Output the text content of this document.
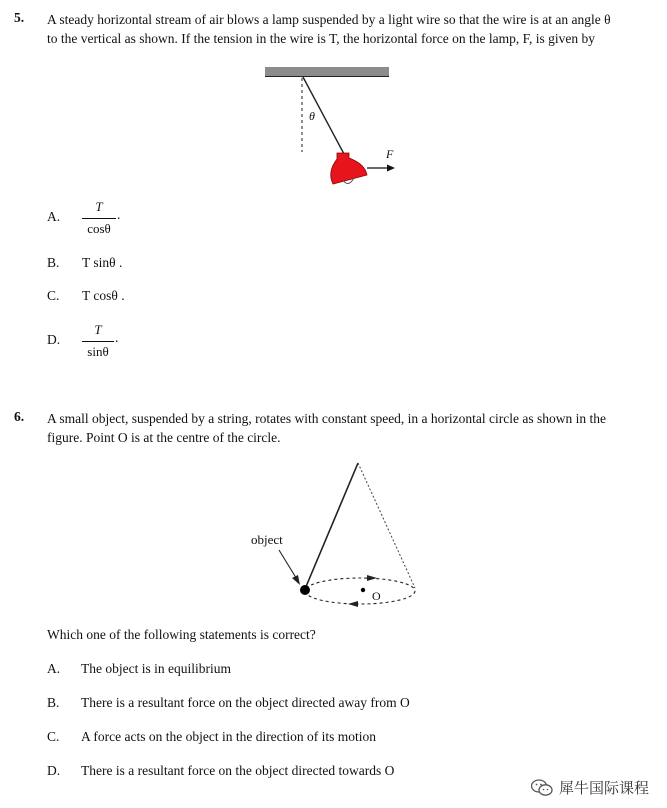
5. A steady horizontal stream of air blows a lamp suspended by a light wire so that the wire is at an angle θ
to the vertical as shown. If the tension in the wire is T, the horizontal force on the lamp, F, is given by
θ
F
A.
T
cosθ
.
B. T sinθ .
C. T cosθ .
D.
T
sinθ
.
6. A small object, suspended by a string, rotates with constant speed, in a horizontal circle as shown in the
figure. Point O is at the centre of the circle.
O
object
Which one of the following statements is correct?
A. The object is in equilibrium
B. There is a resultant force on the object directed away from O
C. A force acts on the object in the direction of its motion
D. There is a resultant force on the object directed towards O
犀牛国际课程
